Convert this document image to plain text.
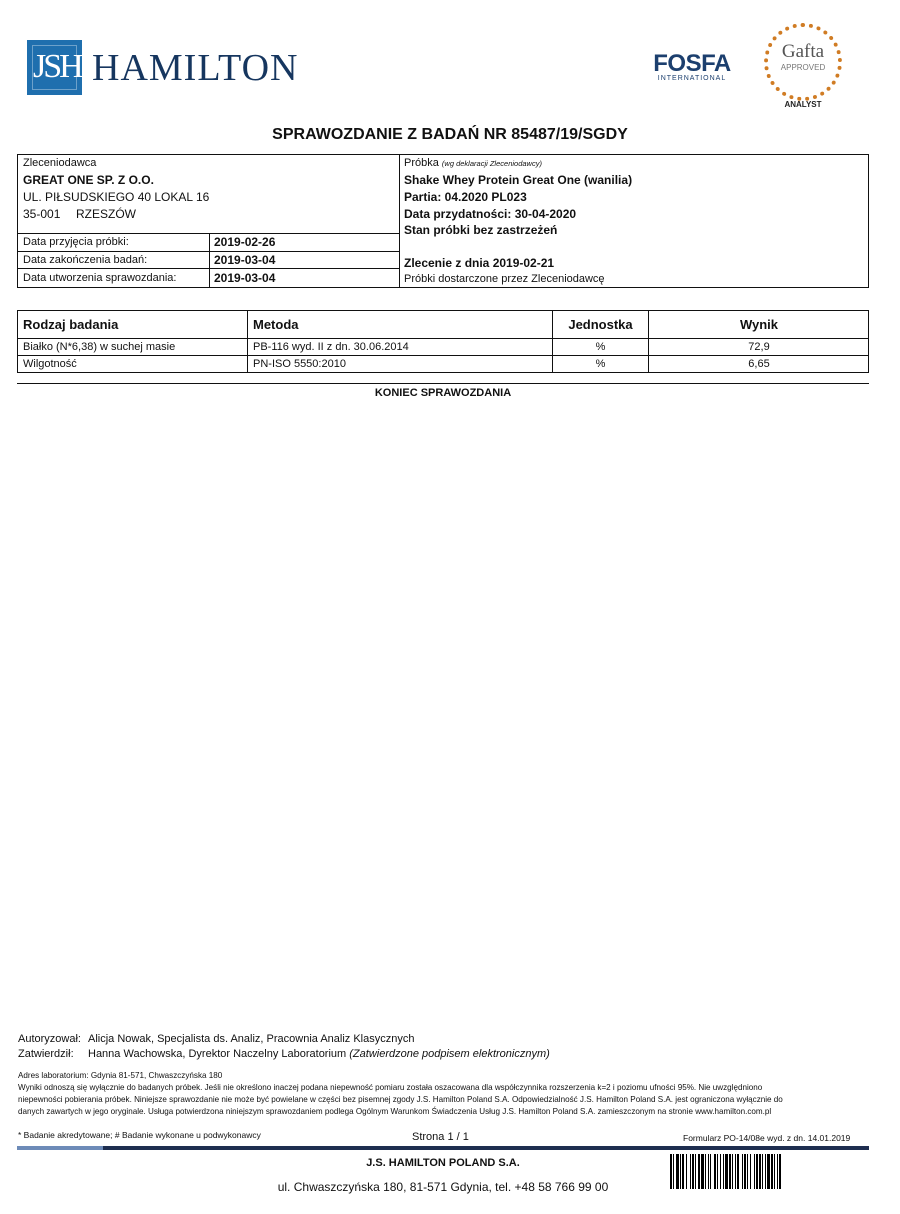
JSH HAMILTON	FOSFA
INTERNATIONAL
Gafta
APPROVED
ANALYST
SPRAWOZDANIE Z BADAŃ NR 85487/19/SGDY
Zleceniodawca
GREAT ONE SP. Z O.O.
UL. PIŁSUDSKIEGO 40 LOKAL 16
35-001 RZESZÓW
Data przyjęcia próbki:	2019-02-26
Data zakończenia badań:	2019-03-04
Data utworzenia sprawozdania:	2019-03-04
Próbka (wg deklaracji Zleceniodawcy)
Shake Whey Protein Great One (wanilia)
Partia: 04.2020 PL023
Data przydatności: 30-04-2020
Stan próbki bez zastrzeżeń
Zlecenie z dnia 2019-02-21
Próbki dostarczone przez Zleceniodawcę
Rodzaj badania	Metoda	Jednostka	Wynik
Białko (N*6,38) w suchej masie	PB-116 wyd. II z dn. 30.06.2014	%	72,9
Wilgotność	PN-ISO 5550:2010	%	6,65
KONIEC SPRAWOZDANIA
Autoryzował: Alicja Nowak, Specjalista ds. Analiz, Pracownia Analiz Klasycznych
Zatwierdził: Hanna Wachowska, Dyrektor Naczelny Laboratorium (Zatwierdzone podpisem elektronicznym)
Adres laboratorium: Gdynia 81-571, Chwaszczyńska 180
Wyniki odnoszą się wyłącznie do badanych próbek. Jeśli nie określono inaczej podana niepewność pomiaru została oszacowana dla współczynnika rozszerzenia k=2 i poziomu ufności 95%. Nie uwzględniono
niepewności pobierania próbek. Niniejsze sprawozdanie nie może być powielane w części bez pisemnej zgody J.S. Hamilton Poland S.A. Odpowiedzialność J.S. Hamilton Poland S.A. jest ograniczona wyłącznie do
danych zawartych w jego oryginale. Usługa potwierdzona niniejszym sprawozdaniem podlega Ogólnym Warunkom Świadczenia Usług J.S. Hamilton Poland S.A. zamieszczonym na stronie www.hamilton.com.pl
* Badanie akredytowane; # Badanie wykonane u podwykonawcy	Strona 1 / 1	Formularz PO-14/08e wyd. z dn. 14.01.2019
J.S. HAMILTON POLAND S.A.
ul. Chwaszczyńska 180, 81-571 Gdynia, tel. +48 58 766 99 00
